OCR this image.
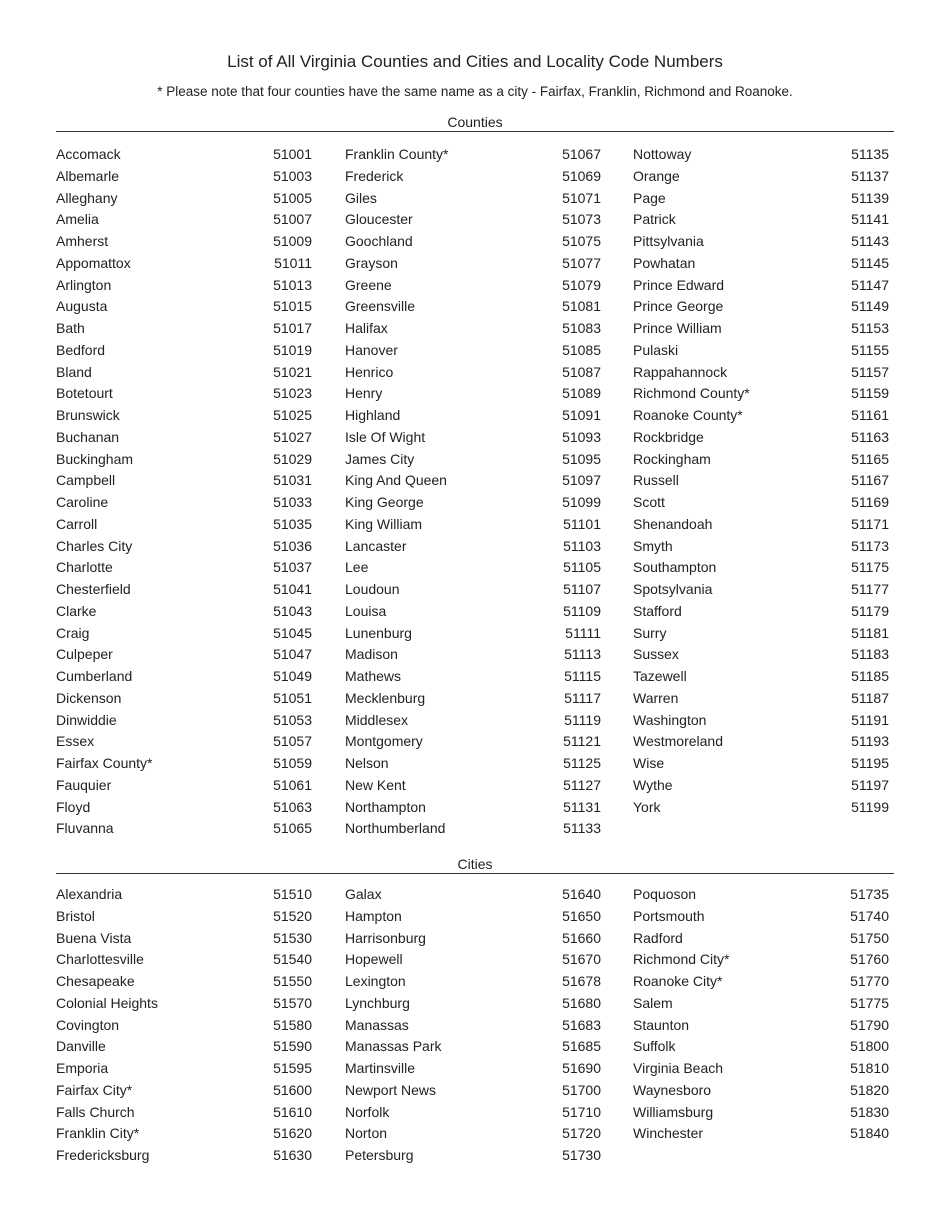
List of All Virginia Counties and Cities and Locality Code Numbers
* Please note that four counties have the same name as a city - Fairfax, Franklin, Richmond and Roanoke.
Counties
Accomack	51001
Albemarle	51003
Alleghany	51005
Amelia	51007
Amherst	51009
Appomattox	51011
Arlington	51013
Augusta	51015
Bath	51017
Bedford	51019
Bland	51021
Botetourt	51023
Brunswick	51025
Buchanan	51027
Buckingham	51029
Campbell	51031
Caroline	51033
Carroll	51035
Charles City	51036
Charlotte	51037
Chesterfield	51041
Clarke	51043
Craig	51045
Culpeper	51047
Cumberland	51049
Dickenson	51051
Dinwiddie	51053
Essex	51057
Fairfax County*	51059
Fauquier	51061
Floyd	51063
Fluvanna	51065
Franklin County*	51067
Frederick	51069
Giles	51071
Gloucester	51073
Goochland	51075
Grayson	51077
Greene	51079
Greensville	51081
Halifax	51083
Hanover	51085
Henrico	51087
Henry	51089
Highland	51091
Isle Of Wight	51093
James City	51095
King And Queen	51097
King George	51099
King William	51101
Lancaster	51103
Lee	51105
Loudoun	51107
Louisa	51109
Lunenburg	51111
Madison	51113
Mathews	51115
Mecklenburg	51117
Middlesex	51119
Montgomery	51121
Nelson	51125
New Kent	51127
Northampton	51131
Northumberland	51133
Nottoway	51135
Orange	51137
Page	51139
Patrick	51141
Pittsylvania	51143
Powhatan	51145
Prince Edward	51147
Prince George	51149
Prince William	51153
Pulaski	51155
Rappahannock	51157
Richmond County*	51159
Roanoke County*	51161
Rockbridge	51163
Rockingham	51165
Russell	51167
Scott	51169
Shenandoah	51171
Smyth	51173
Southampton	51175
Spotsylvania	51177
Stafford	51179
Surry	51181
Sussex	51183
Tazewell	51185
Warren	51187
Washington	51191
Westmoreland	51193
Wise	51195
Wythe	51197
York	51199
Cities
Alexandria	51510
Bristol	51520
Buena Vista	51530
Charlottesville	51540
Chesapeake	51550
Colonial Heights	51570
Covington	51580
Danville	51590
Emporia	51595
Fairfax City*	51600
Falls Church	51610
Franklin City*	51620
Fredericksburg	51630
Galax	51640
Hampton	51650
Harrisonburg	51660
Hopewell	51670
Lexington	51678
Lynchburg	51680
Manassas	51683
Manassas Park	51685
Martinsville	51690
Newport News	51700
Norfolk	51710
Norton	51720
Petersburg	51730
Poquoson	51735
Portsmouth	51740
Radford	51750
Richmond City*	51760
Roanoke City*	51770
Salem	51775
Staunton	51790
Suffolk	51800
Virginia Beach	51810
Waynesboro	51820
Williamsburg	51830
Winchester	51840
